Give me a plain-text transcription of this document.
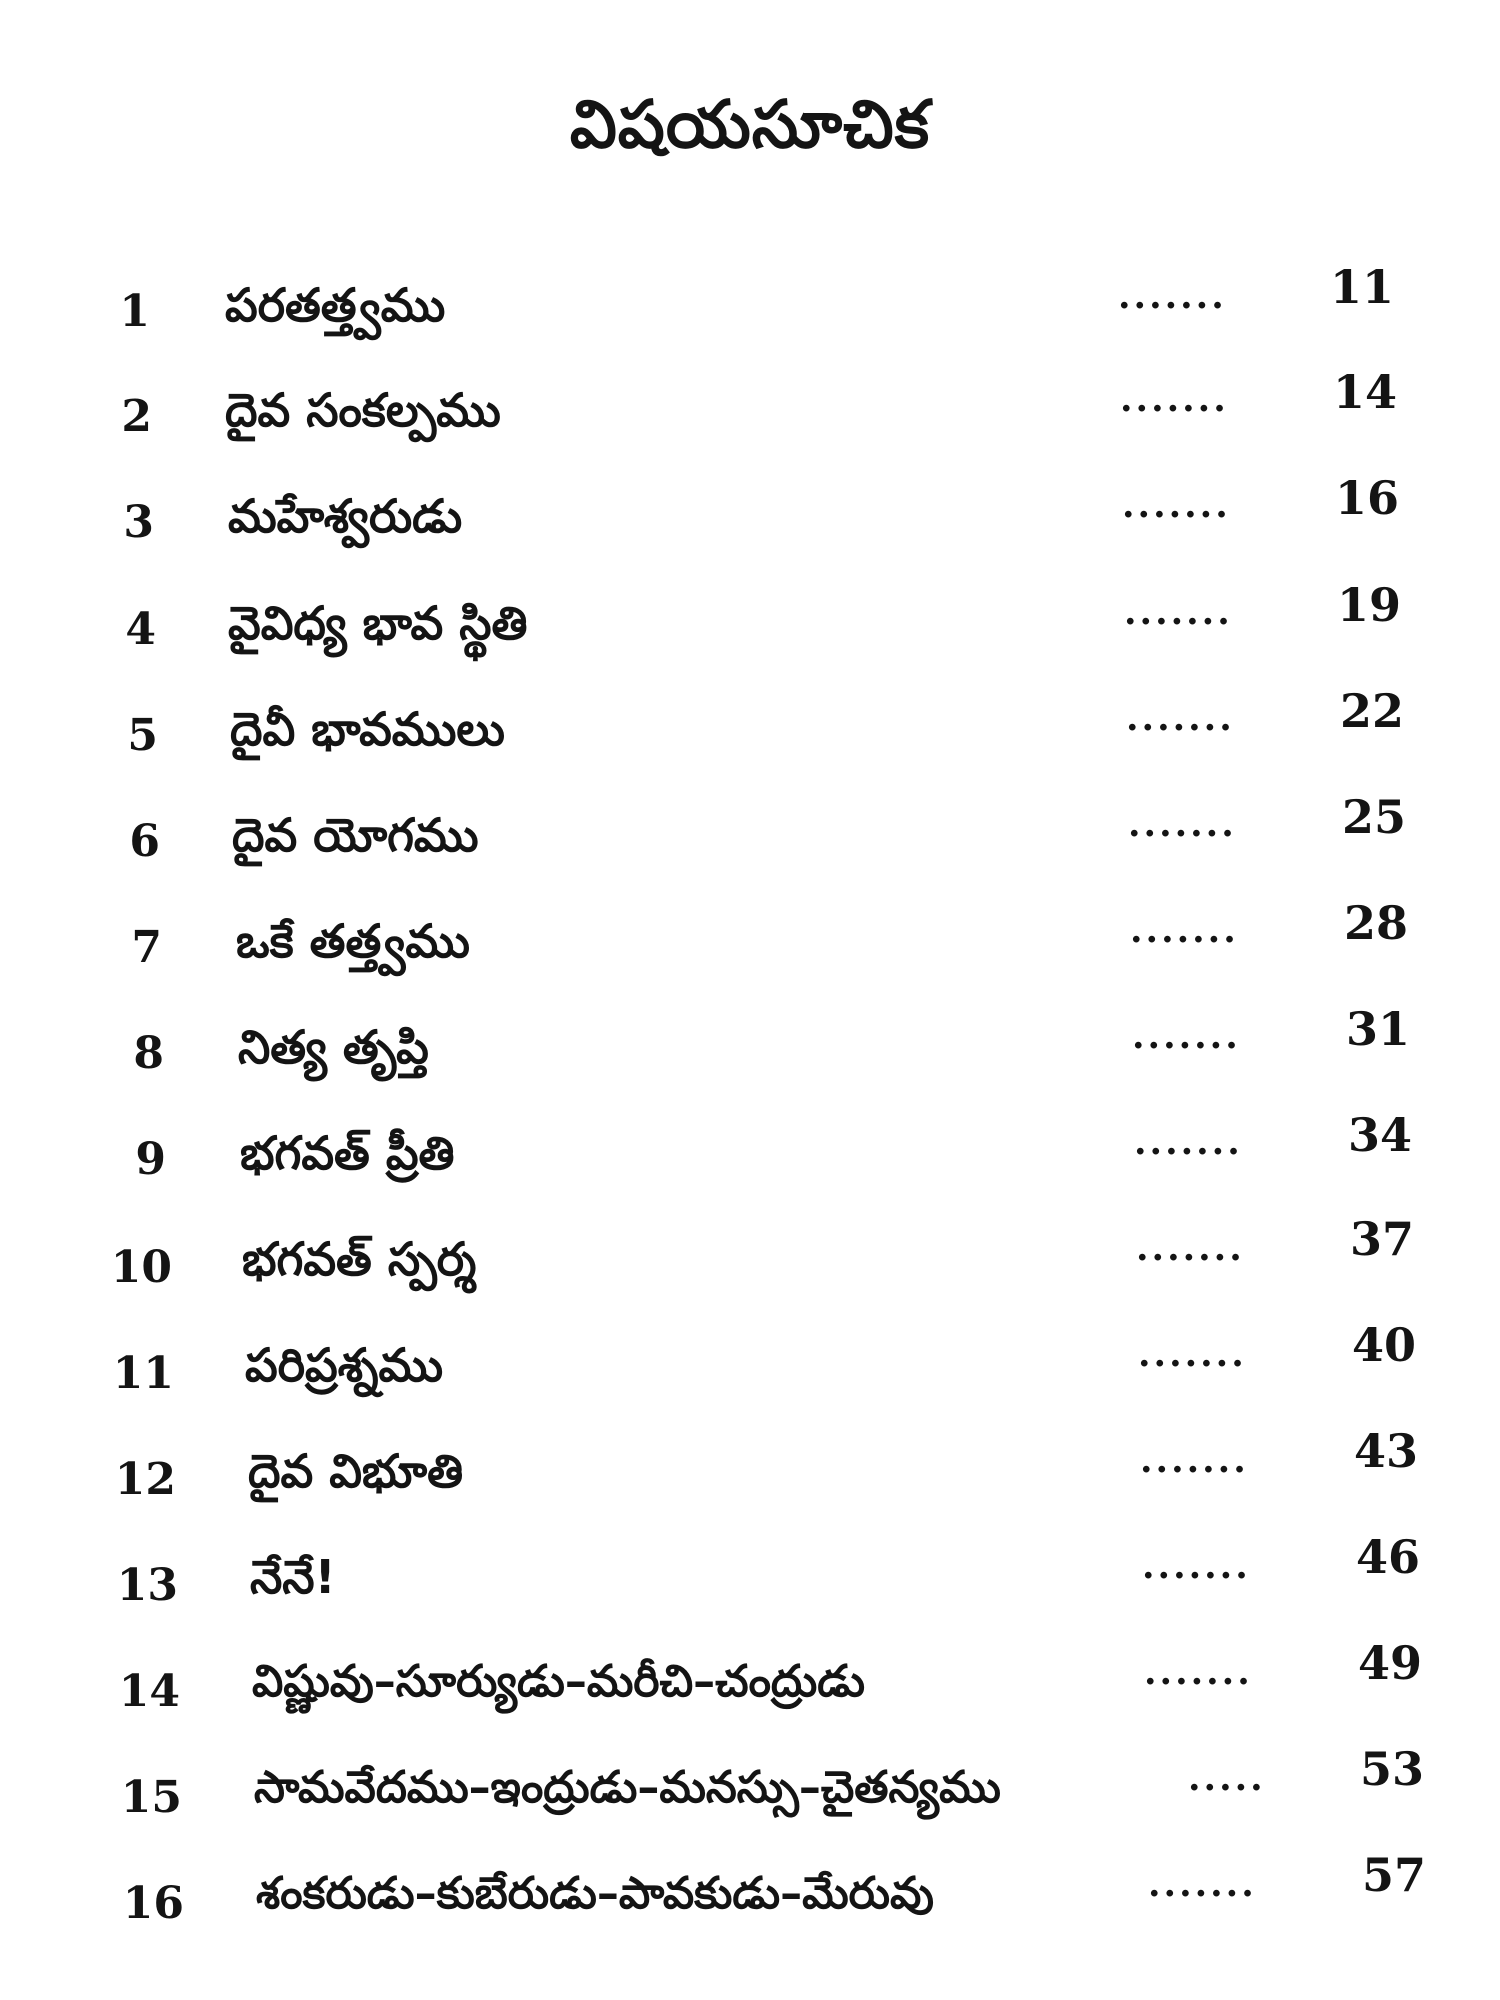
విషయసూచిక
1 పరతత్త్వము	....... 11
2 దైవ సంకల్పము	....... 14
3 మహేశ్వరుడు	....... 16
4 వైవిధ్య భావ స్థితి	....... 19
5 దైవీ భావములు	....... 22
6 దైవ యోగము	....... 25
7 ఒకే తత్త్వము	....... 28
8 నిత్య తృప్తి	....... 31
9 భగవత్ ప్రీతి	....... 34
10 భగవత్ స్పర్శ	....... 37
11 పరిప్రశ్నము	....... 40
12 దైవ విభూతి	....... 43
13 నేనే!	....... 46
14 విష్ణువు–సూర్యుడు–మరీచి–చంద్రుడు	....... 49
15 సామవేదము–ఇంద్రుడు–మనస్సు–చైతన్యము	..... 53
16 శంకరుడు–కుబేరుడు–పావకుడు–మేరువు	....... 57
